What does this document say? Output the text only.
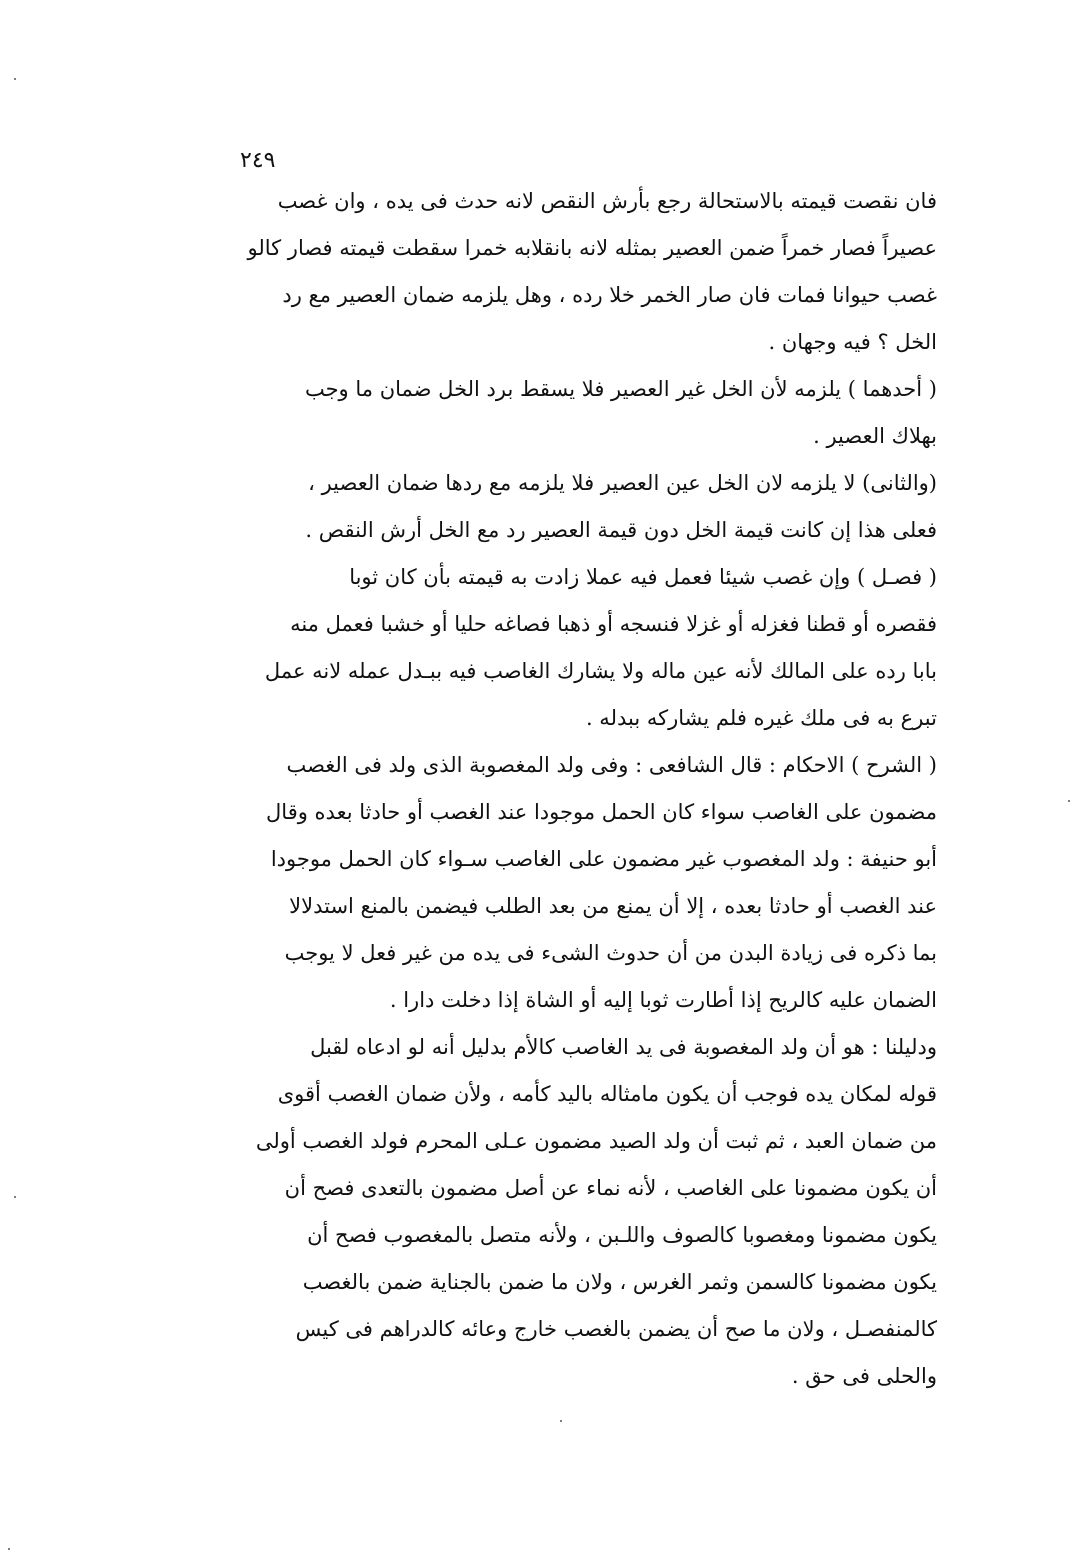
٢٤٩
فان نقصت قيمته بالاستحالة رجع بأرش النقص لانه حدث فى يده ، وان غصب
عصيراً فصار خمراً ضمن العصير بمثله لانه بانقلابه خمرا سقطت قيمته فصار كالو
غصب حيوانا فمات فان صار الخمر خلا رده ، وهل يلزمه ضمان العصير مع رد
الخل ؟ فيه وجهان .
( أحدهما ) يلزمه لأن الخل غير العصير فلا يسقط برد الخل ضمان ما وجب
بهلاك العصير .
(والثانى) لا يلزمه لان الخل عين العصير فلا يلزمه مع ردها ضمان العصير ،
فعلى هذا إن كانت قيمة الخل دون قيمة العصير رد مع الخل أرش النقص .
( فصـل ) وإن غصب شيئا فعمل فيه عملا زادت به قيمته بأن كان ثوبا
فقصره أو قطنا فغزله أو غزلا فنسجه أو ذهبا فصاغه حليا أو خشبا فعمل منه
بابا رده على المالك لأنه عين ماله ولا يشارك الغاصب فيه ببـدل عمله لانه عمل
تبرع به فى ملك غيره فلم يشاركه ببدله .
( الشرح ) الاحكام : قال الشافعى : وفى ولد المغصوبة الذى ولد فى الغصب
مضمون على الغاصب سواء كان الحمل موجودا عند الغصب أو حادثا بعده وقال
أبو حنيفة : ولد المغصوب غير مضمون على الغاصب سـواء كان الحمل موجودا
عند الغصب أو حادثا بعده ، إلا أن يمنع من بعد الطلب فيضمن بالمنع استدلالا
بما ذكره فى زيادة البدن من أن حدوث الشىء فى يده من غير فعل لا يوجب
الضمان عليه كالريح إذا أطارت ثوبا إليه أو الشاة إذا دخلت دارا .
ودليلنا : هو أن ولد المغصوبة فى يد الغاصب كالأم بدليل أنه لو ادعاه لقبل
قوله لمكان يده فوجب أن يكون مامثاله باليد كأمه ، ولأن ضمان الغصب أقوى
من ضمان العبد ، ثم ثبت أن ولد الصيد مضمون عـلى المحرم فولد الغصب أولى
أن يكون مضمونا على الغاصب ، لأنه نماء عن أصل مضمون بالتعدى فصح أن
يكون مضمونا ومغصوبا كالصوف واللـبن ، ولأنه متصل بالمغصوب فصح أن
يكون مضمونا كالسمن وثمر الغرس ، ولان ما ضمن بالجناية ضمن بالغصب
كالمنفصـل ، ولان ما صح أن يضمن بالغصب خارج وعائه كالدراهم فى كيس
والحلى فى حق .
